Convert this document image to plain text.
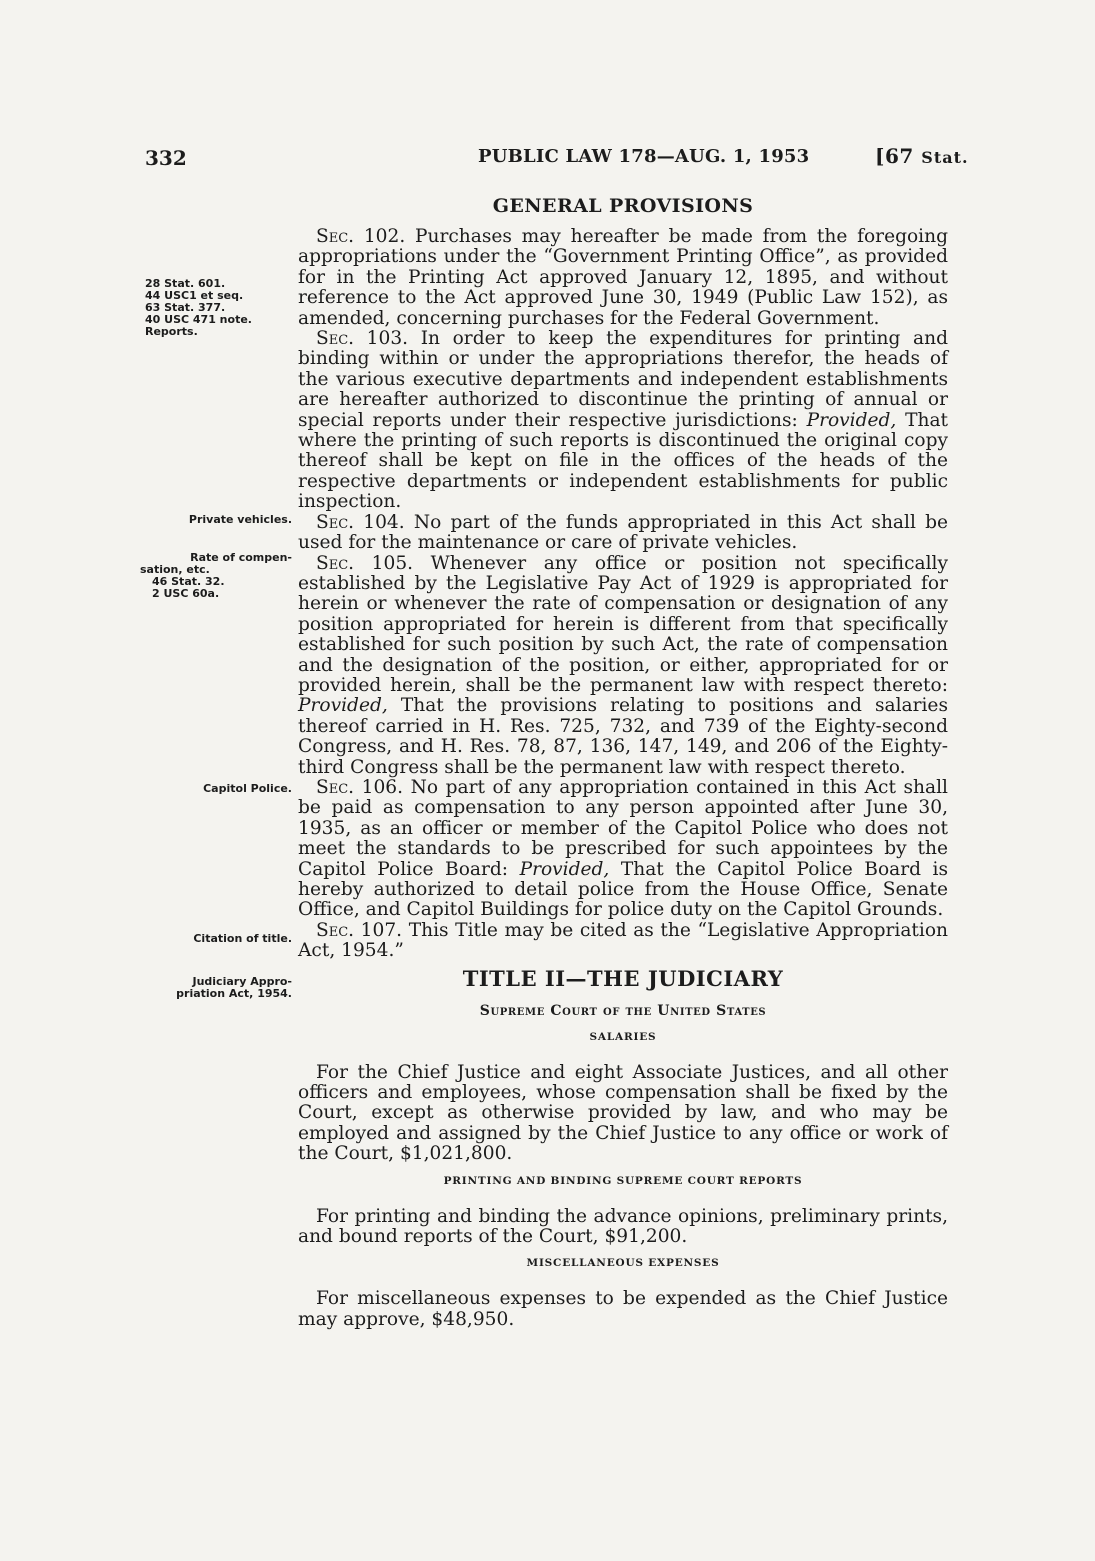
332	PUBLIC LAW 178—AUG. 1, 1953	[67 Stat.
28 Stat. 601.
44 USC1 et seq.
63 Stat. 377.
40 USC 471 note.
Reports.
Private vehicles.
Rate of compen-
sation, etc.
46 Stat. 32.
2 USC 60a.
Capitol Police.
Citation of title.
Judiciary Appro-
priation Act, 1954.
GENERAL PROVISIONS

Sec. 102. Purchases may hereafter be made from the foregoing appropriations under the “Government Printing Office”, as provided for in the Printing Act approved January 12, 1895, and without reference to the Act approved June 30, 1949 (Public Law 152), as amended, concerning purchases for the Federal Government.

Sec. 103. In order to keep the expenditures for printing and binding within or under the appropriations therefor, the heads of the various executive departments and independent establishments are hereafter authorized to discontinue the printing of annual or special reports under their respective jurisdictions: Provided, That where the printing of such reports is discontinued the original copy thereof shall be kept on file in the offices of the heads of the respective departments or independent establishments for public inspection.

Sec. 104. No part of the funds appropriated in this Act shall be used for the maintenance or care of private vehicles.

Sec. 105. Whenever any office or position not specifically established by the Legislative Pay Act of 1929 is appropriated for herein or whenever the rate of compensation or designation of any position appropriated for herein is different from that specifically established for such position by such Act, the rate of compensation and the designation of the position, or either, appropriated for or provided herein, shall be the permanent law with respect thereto: Provided, That the provisions relating to positions and salaries thereof carried in H. Res. 725, 732, and 739 of the Eighty-second Congress, and H. Res. 78, 87, 136, 147, 149, and 206 of the Eighty-third Congress shall be the permanent law with respect thereto.

Sec. 106. No part of any appropriation contained in this Act shall be paid as compensation to any person appointed after June 30, 1935, as an officer or member of the Capitol Police who does not meet the standards to be prescribed for such appointees by the Capitol Police Board: Provided, That the Capitol Police Board is hereby authorized to detail police from the House Office, Senate Office, and Capitol Buildings for police duty on the Capitol Grounds.

Sec. 107. This Title may be cited as the “Legislative Appropriation Act, 1954.”

TITLE II—THE JUDICIARY
Supreme Court of the United States
SALARIES

For the Chief Justice and eight Associate Justices, and all other officers and employees, whose compensation shall be fixed by the Court, except as otherwise provided by law, and who may be employed and assigned by the Chief Justice to any office or work of the Court, $1,021,800.

PRINTING AND BINDING SUPREME COURT REPORTS

For printing and binding the advance opinions, preliminary prints, and bound reports of the Court, $91,200.

MISCELLANEOUS EXPENSES

For miscellaneous expenses to be expended as the Chief Justice may approve, $48,950.
